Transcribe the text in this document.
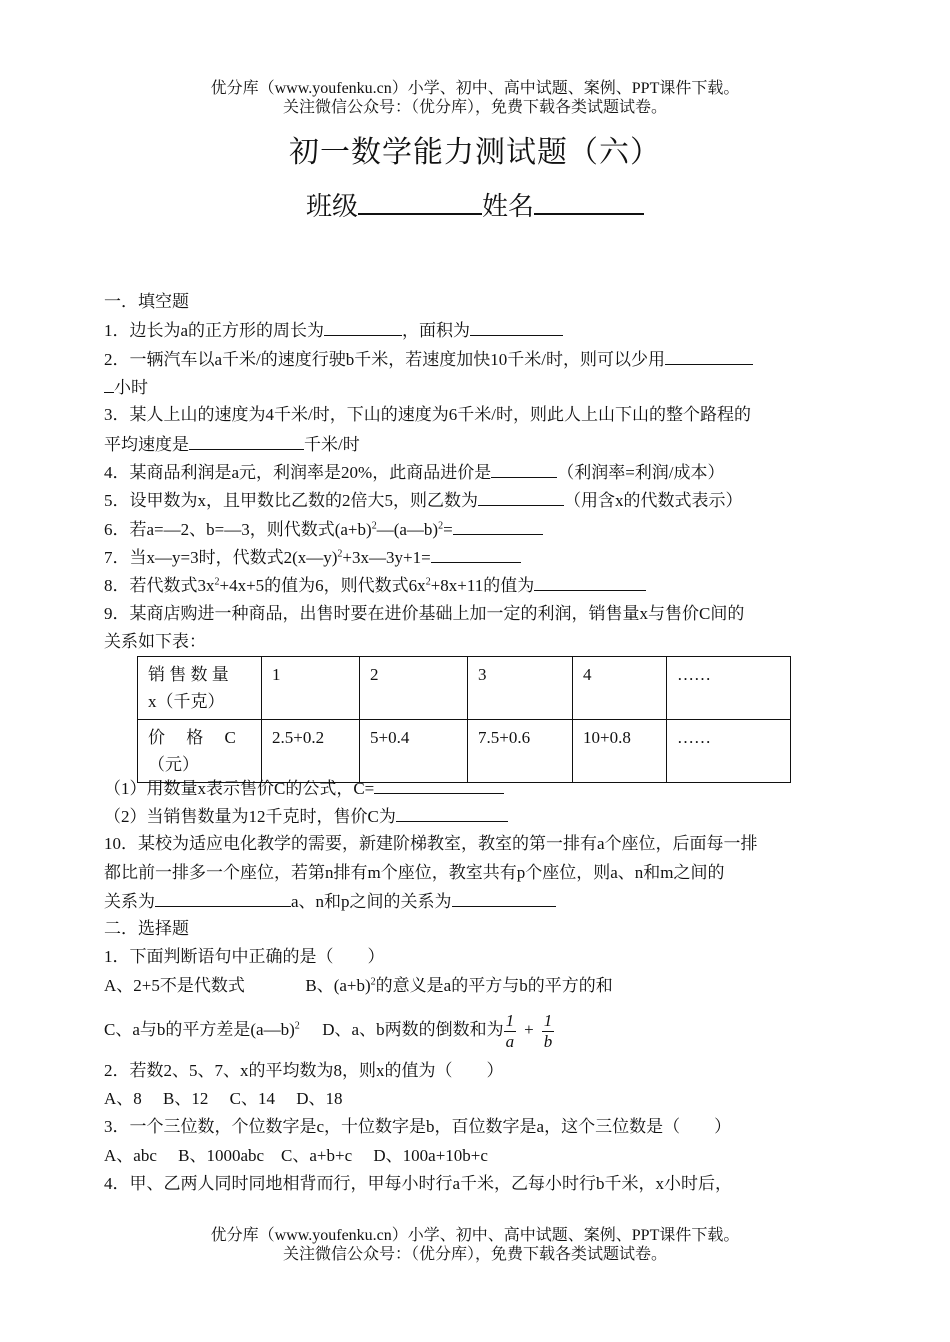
优分库（www.youfenku.cn）小学、初中、高中试题、案例、PPT课件下载。
关注微信公众号：（优分库），免费下载各类试题试卷。
初一数学能力测试题（六）
班级	姓名
一．填空题
1．边长为a的正方形的周长为	，面积为
2．一辆汽车以a千米/的速度行驶b千米，若速度加快10千米/时，则可以少用
小时
3．某人上山的速度为4千米/时，下山的速度为6千米/时，则此人上山下山的整个路程的
平均速度是	千米/时
4．某商品利润是a元，利润率是20%，此商品进价是	（利润率=利润/成本）
5．设甲数为x，且甲数比乙数的2倍大5，则乙数为	（用含x的代数式表示）
6．若a=—2、b=—3，则代数式$(a+b)^2—(a—b)^2=$
7．当x—y=3时，代数式2(x—y)$^2$+3x—3y+1=
8．若代数式$3x^2+4x+5$的值为6，则代数式$6x^2+8x+11$的值为
9．某商店购进一种商品，出售时要在进价基础上加一定的利润，销售量x与售价C间的
关系如下表：
销 售 数 量
x（千克）	1	2	3	4	……
价　 格　 C
（元）	2.5+0.2	5+0.4	7.5+0.6	10+0.8	……
（1）用数量x表示售价C的公式，C=
（2）当销售数量为12千克时，售价C为
10．某校为适应电化教学的需要，新建阶梯教室，教室的第一排有a个座位，后面每一排
都比前一排多一个座位，若第n排有m个座位，教室共有p个座位，则a、n和m之间的
关系为	a、n和p之间的关系为
二．选择题
1．下面判断语句中正确的是（　　）
A、2+5不是代数式	B、$(a+b)^2$的意义是a的平方与b的平方的和
C、a与b的平方差是(a—b)$^2$ D、a、b两数的倒数和为 $\frac{1}{a} + \frac{1}{b}$
2．若数2、5、7、x的平均数为8，则x的值为（　　）
A、8　 B、12　 C、14　 D、18
3．一个三位数，个位数字是c，十位数字是b，百位数字是a，这个三位数是（　　）
A、abc　 B、1000abc　C、a+b+c　 D、100a+10b+c
4．甲、乙两人同时同地相背而行，甲每小时行a千米，乙每小时行b千米，x小时后，
优分库（www.youfenku.cn）小学、初中、高中试题、案例、PPT课件下载。
关注微信公众号：（优分库），免费下载各类试题试卷。
